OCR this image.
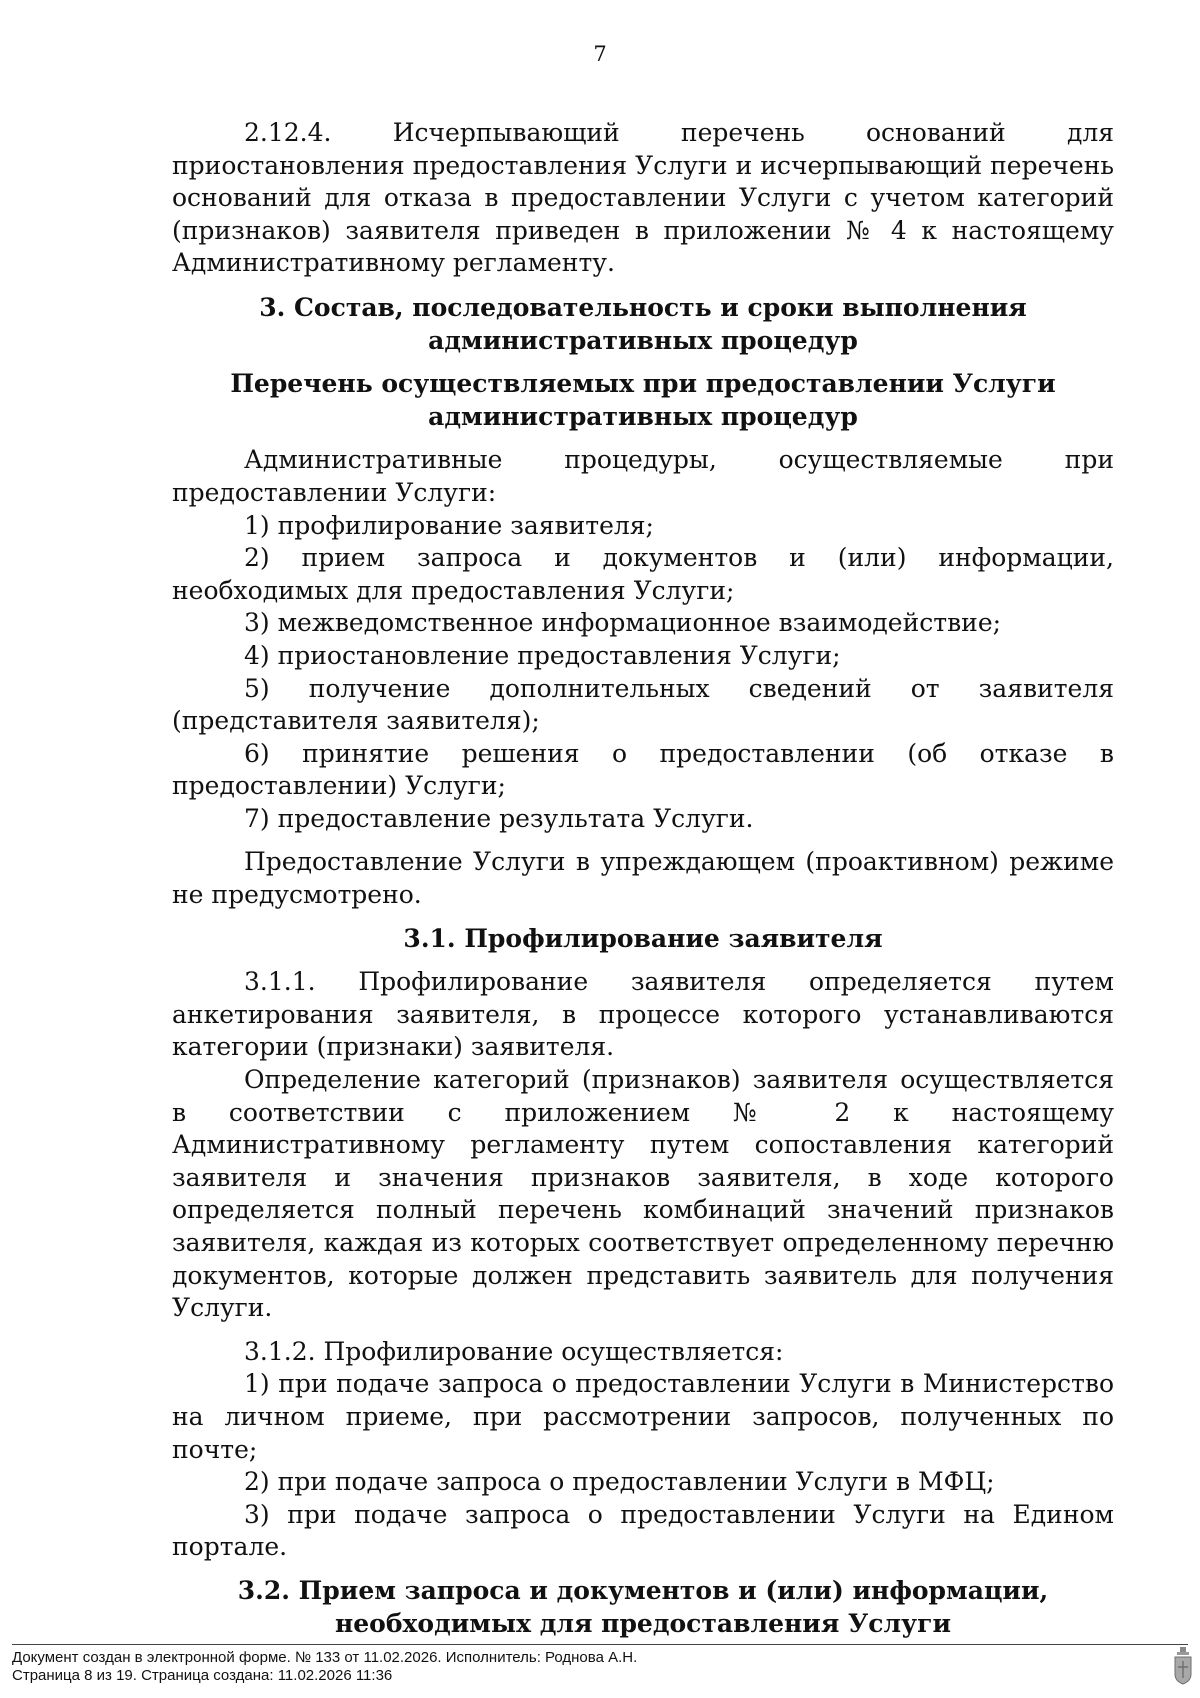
7

2.12.4. Исчерпывающий перечень оснований для приостановления предоставления Услуги и исчерпывающий перечень оснований для отказа в предоставлении Услуги с учетом категорий (признаков) заявителя приведен в приложении № 4 к настоящему Административному регламенту.

3. Состав, последовательность и сроки выполнения административных процедур

Перечень осуществляемых при предоставлении Услуги административных процедур

Административные процедуры, осуществляемые при предоставлении Услуги:

1) профилирование заявителя;

2) прием запроса и документов и (или) информации, необходимых для предоставления Услуги;

3) межведомственное информационное взаимодействие;

4) приостановление предоставления Услуги;

5) получение дополнительных сведений от заявителя (представителя заявителя);

6) принятие решения о предоставлении (об отказе в предоставлении) Услуги;

7) предоставление результата Услуги.

Предоставление Услуги в упреждающем (проактивном) режиме не предусмотрено.

3.1. Профилирование заявителя

3.1.1. Профилирование заявителя определяется путем анкетирования заявителя, в процессе которого устанавливаются категории (признаки) заявителя.

Определение категорий (признаков) заявителя осуществляется в соответствии с приложением № 2 к настоящему Административному регламенту путем сопоставления категорий заявителя и значения признаков заявителя, в ходе которого определяется полный перечень комбинаций значений признаков заявителя, каждая из которых соответствует определенному перечню документов, которые должен представить заявитель для получения Услуги.

3.1.2. Профилирование осуществляется:

1) при подаче запроса о предоставлении Услуги в Министерство на личном приеме, при рассмотрении запросов, полученных по почте;

2) при подаче запроса о предоставлении Услуги в МФЦ;

3) при подаче запроса о предоставлении Услуги на Едином портале.

3.2. Прием запроса и документов и (или) информации, необходимых для предоставления Услуги

Документ создан в электронной форме. № 133 от 11.02.2026. Исполнитель: Роднова А.Н.
Страница 8 из 19. Страница создана: 11.02.2026 11:36
